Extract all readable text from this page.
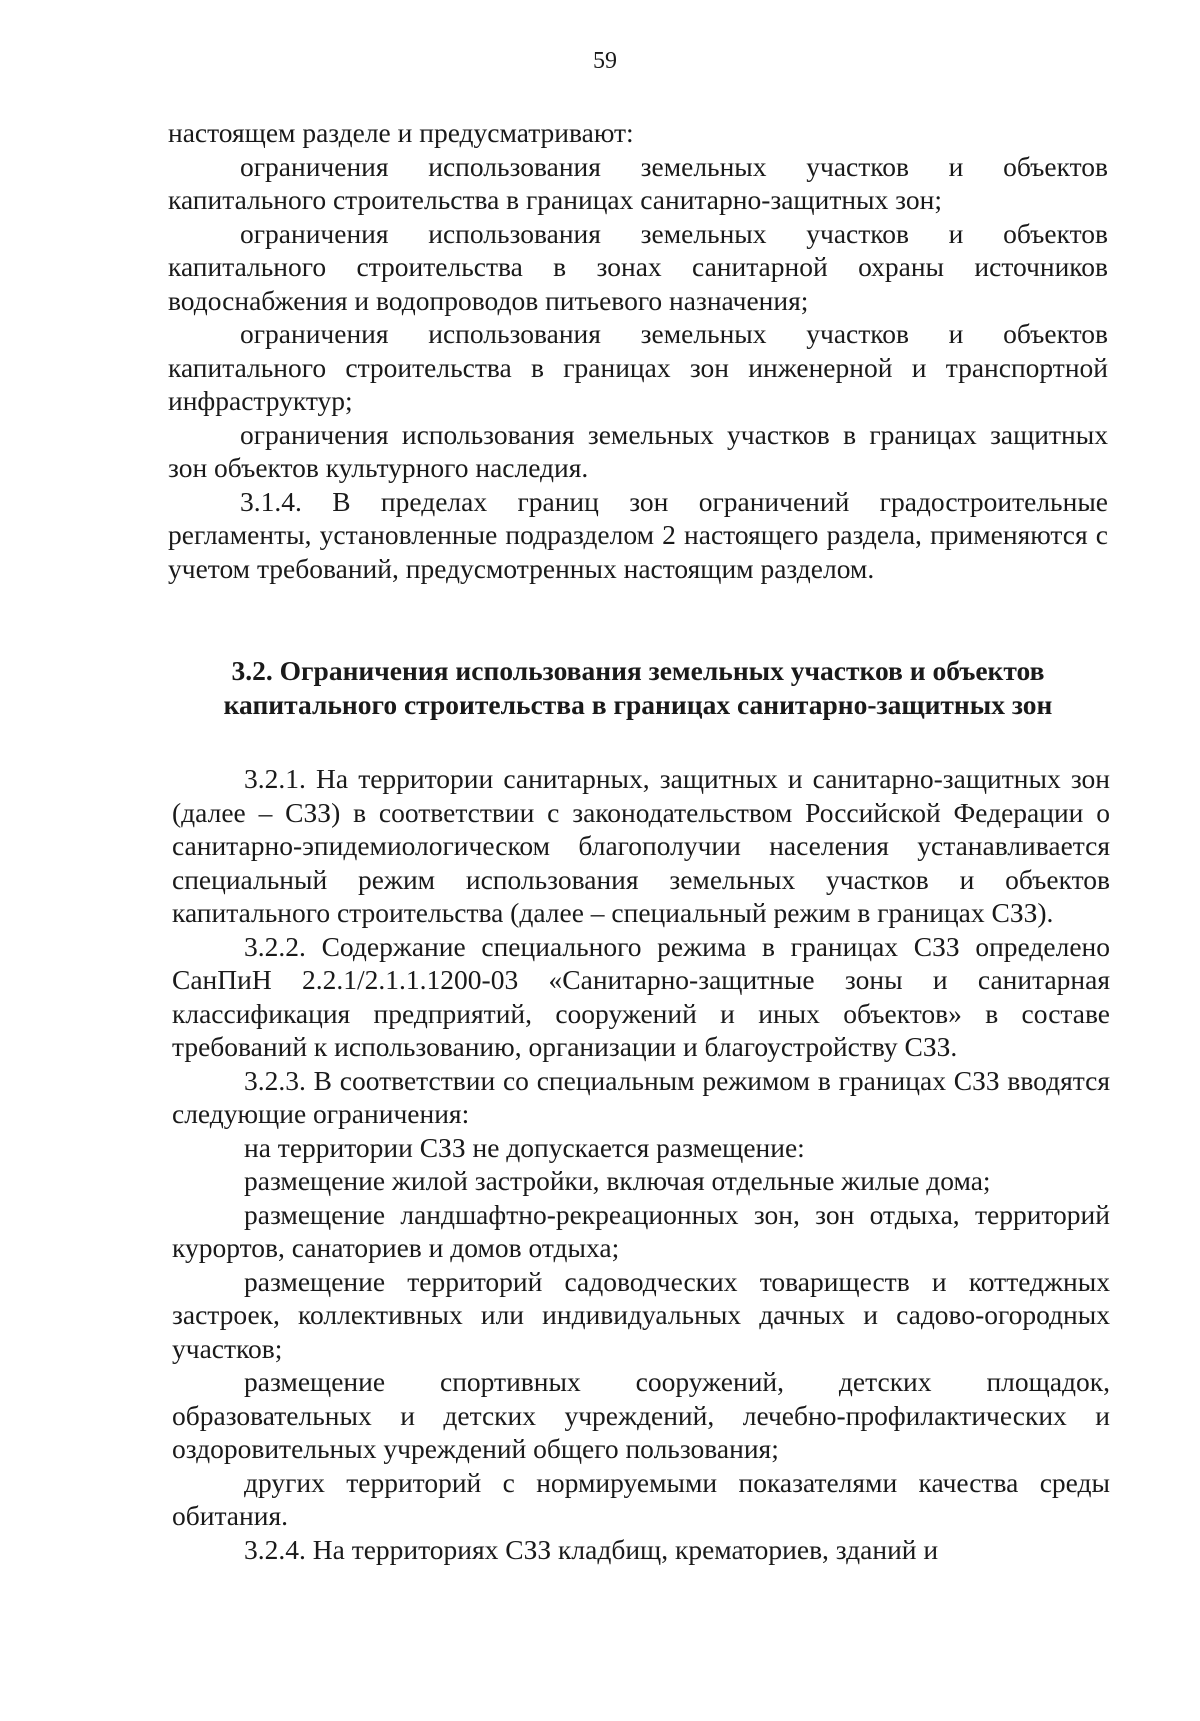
59

настоящем разделе и предусматривают:

ограничения использования земельных участков и объектов капитального строительства в границах санитарно-защитных зон;

ограничения использования земельных участков и объектов капитального строительства в зонах санитарной охраны источников водоснабжения и водопроводов питьевого назначения;

ограничения использования земельных участков и объектов капитального строительства в границах зон инженерной и транспортной инфраструктур;

ограничения использования земельных участков в границах защитных зон объектов культурного наследия.

3.1.4. В пределах границ зон ограничений градостроительные регламенты, установленные подразделом 2 настоящего раздела, применяются с учетом требований, предусмотренных настоящим разделом.

3.2. Ограничения использования земельных участков и объектов
капитального строительства в границах санитарно-защитных зон

3.2.1. На территории санитарных, защитных и санитарно-защитных зон (далее – СЗЗ) в соответствии с законодательством Российской Федерации о санитарно-эпидемиологическом благополучии населения устанавливается специальный режим использования земельных участков и объектов капитального строительства (далее – специальный режим в границах СЗЗ).

3.2.2. Содержание специального режима в границах СЗЗ определено СанПиН 2.2.1/2.1.1.1200-03 «Санитарно-защитные зоны и санитарная классификация предприятий, сооружений и иных объектов» в составе требований к использованию, организации и благоустройству СЗЗ.

3.2.3. В соответствии со специальным режимом в границах СЗЗ вводятся следующие ограничения:

на территории СЗЗ не допускается размещение:

размещение жилой застройки, включая отдельные жилые дома;

размещение ландшафтно-рекреационных зон, зон отдыха, территорий курортов, санаториев и домов отдыха;

размещение территорий садоводческих товариществ и коттеджных застроек, коллективных или индивидуальных дачных и садово-огородных участков;

размещение спортивных сооружений, детских площадок, образовательных и детских учреждений, лечебно-профилактических и оздоровительных учреждений общего пользования;

других территорий с нормируемыми показателями качества среды обитания.

3.2.4. На территориях СЗЗ кладбищ, крематориев, зданий и
